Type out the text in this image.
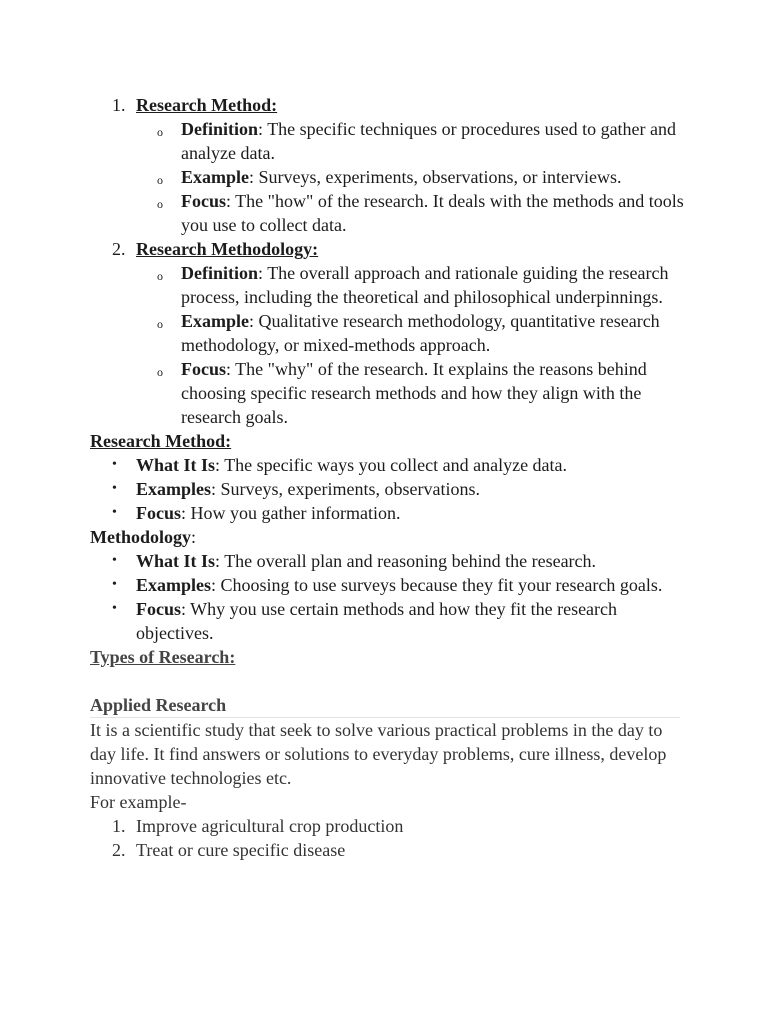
1. Research Method:
o Definition: The specific techniques or procedures used to gather and analyze data.
o Example: Surveys, experiments, observations, or interviews.
o Focus: The "how" of the research. It deals with the methods and tools you use to collect data.
2. Research Methodology:
o Definition: The overall approach and rationale guiding the research process, including the theoretical and philosophical underpinnings.
o Example: Qualitative research methodology, quantitative research methodology, or mixed-methods approach.
o Focus: The "why" of the research. It explains the reasons behind choosing specific research methods and how they align with the research goals.
Research Method:
• What It Is: The specific ways you collect and analyze data.
• Examples: Surveys, experiments, observations.
• Focus: How you gather information.
Methodology:
• What It Is: The overall plan and reasoning behind the research.
• Examples: Choosing to use surveys because they fit your research goals.
• Focus: Why you use certain methods and how they fit the research objectives.
Types of Research:
Applied Research
It is a scientific study that seek to solve various practical problems in the day to day life. It find answers or solutions to everyday problems, cure illness, develop innovative technologies etc.
For example-
1. Improve agricultural crop production
2. Treat or cure specific disease
